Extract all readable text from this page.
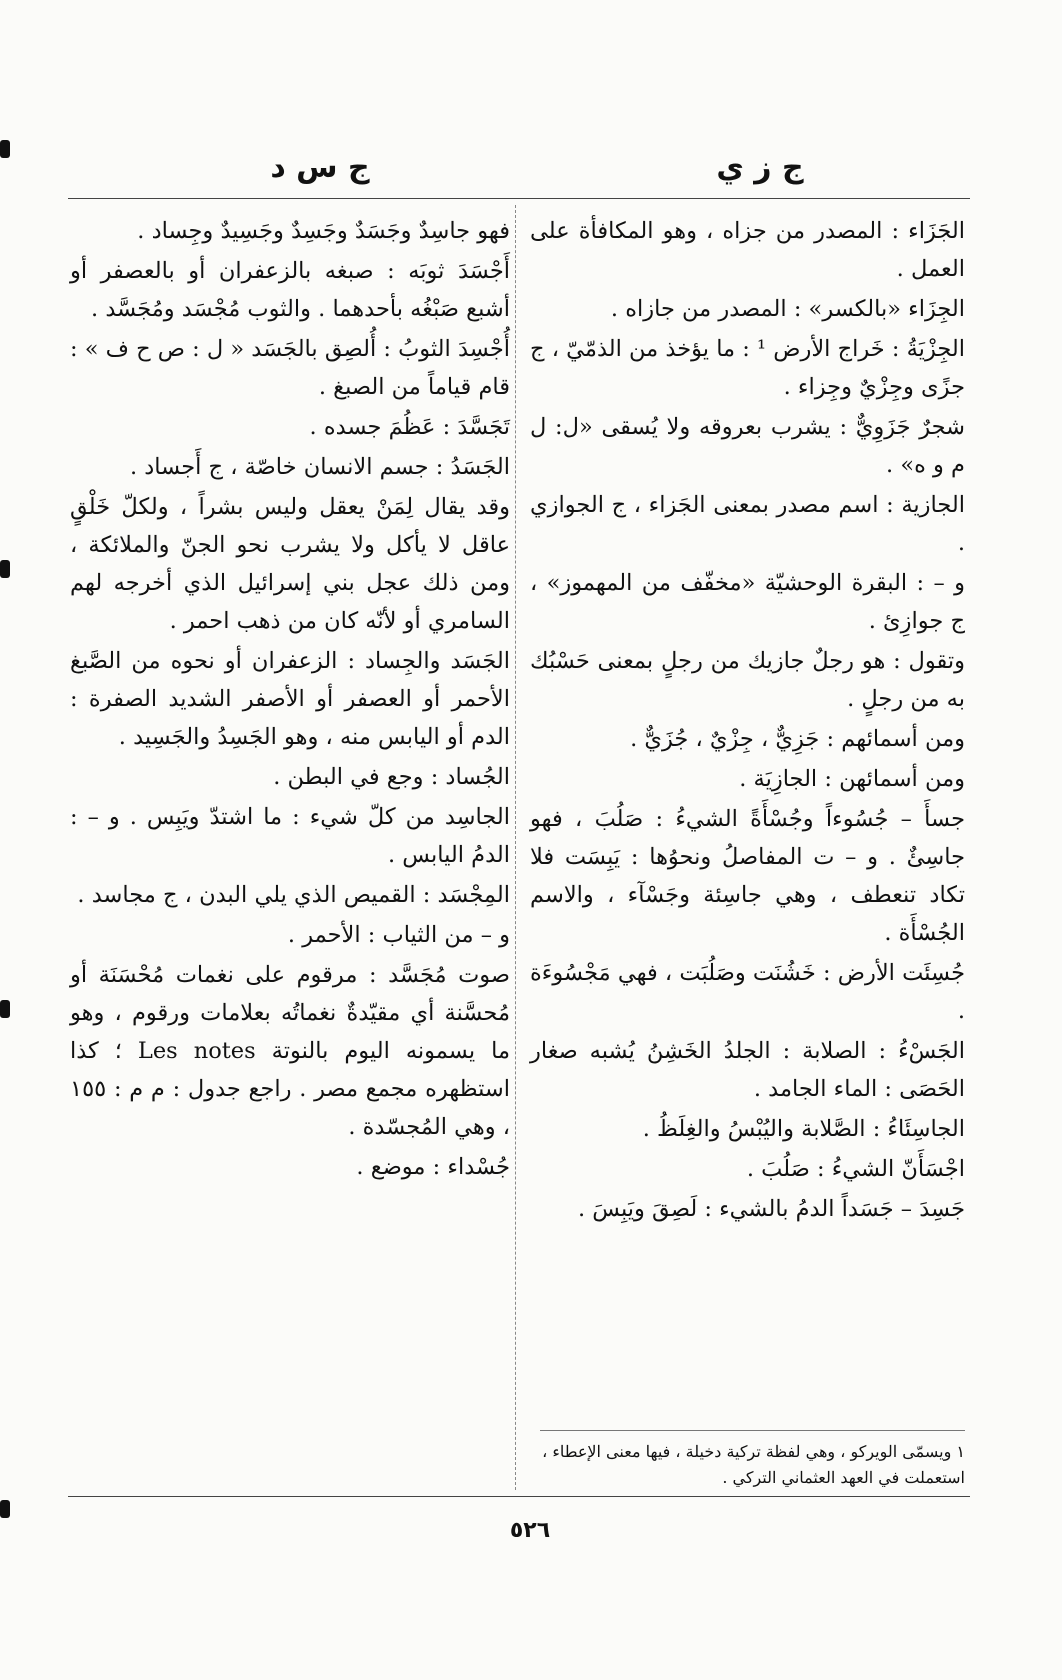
ج ز ي
ج س د

الجَزَاء : المصدر من جزاه ، وهو المكافأة على العمل .

الجِزَاء «بالكسر» : المصدر من جازاه .

الجِزْيَةُ : خَراج الأرض ¹ : ما يؤخذ من الذمّيّ ، ج جزًى وجِزْيٌ وجِزاء .

شجرٌ جَزَوِيٌّ : يشرب بعروقه ولا يُسقى «ل: ل م و ه» .

الجازية : اسم مصدر بمعنى الجَزاء ، ج الجوازي .

و – : البقرة الوحشيّة «مخفّف من المهموز» ، ج جوازِئ .

وتقول : هو رجلٌ جازيك من رجلٍ بمعنى حَسْبُك به من رجلٍ .

ومن أسمائهم : جَزِيٌّ ، جِزْيٌ ، جُزَيٌّ .

ومن أسمائهن : الجازِيَة .

جسأَ – جُسُوءاً وجُسْأَةً الشيءُ : صَلُبَ ، فهو جاسِئٌ . و – ت المفاصلُ ونحوُها : يَبِسَت فلا تكاد تنعطف ، وهي جاسِئة وجَسْآء ، والاسم الجُسْأَة .

جُسِئَت الأرض : خَشُنَت وصَلُبَت ، فهي مَجْسُوءَة .

الجَسْءُ : الصلابة : الجلدُ الخَشِنُ يُشبه صغار الحَصَى : الماء الجامد .

الجاسِئَاءُ : الصَّلابة واليُبْسُ والغِلَظُ .

اجْسَأَنّ الشيءُ : صَلُبَ .

جَسِدَ – جَسَداً الدمُ بالشيء : لَصِقَ ويَبِسَ .

فهو جاسِدٌ وجَسَدٌ وجَسِدٌ وجَسِيدٌ وجِساد .

أَجْسَدَ ثوبَه : صبغه بالزعفران أو بالعصفر أو أشبع صَبْغُه بأحدهما . والثوب مُجْسَد ومُجَسَّد .

أُجْسِدَ الثوبُ : أُلصِق بالجَسَد « ل : ص ح ف » : قام قياماً من الصبغ .

تَجَسَّدَ : عَظُمَ جسده .

الجَسَدُ : جسم الانسان خاصّة ، ج أَجساد .

وقد يقال لِمَنْ يعقل وليس بشراً ، ولكلّ خَلْقٍ عاقل لا يأكل ولا يشرب نحو الجنّ والملائكة ، ومن ذلك عجل بني إسرائيل الذي أخرجه لهم السامري أو لأنّه كان من ذهب احمر .

الجَسَد والجِساد : الزعفران أو نحوه من الصَّبغ الأحمر أو العصفر أو الأصفر الشديد الصفرة : الدم أو اليابس منه ، وهو الجَسِدُ والجَسِيد .

الجُساد : وجع في البطن .

الجاسِد من كلّ شيء : ما اشتدّ ويَبِس . و – : الدمُ اليابس .

المِجْسَد : القميص الذي يلي البدن ، ج مجاسد .

و – من الثياب : الأحمر .

صوت مُجَسَّد : مرقوم على نغمات مُحْسَنَة أو مُحسَّنة أي مقيّدةٌ نغماتُه بعلامات ورقوم ، وهو ما يسمونه اليوم بالنوتة Les notes ؛ كذا استظهره مجمع مصر . راجع جدول : م م : ١٥٥ ، وهي المُجسّدة .

جُسْداء : موضع .

١ ويسمّى الويركو ، وهي لفظة تركية دخيلة ، فيها معنى الإعطاء ، استعملت في العهد العثماني التركي .
٥٢٦
